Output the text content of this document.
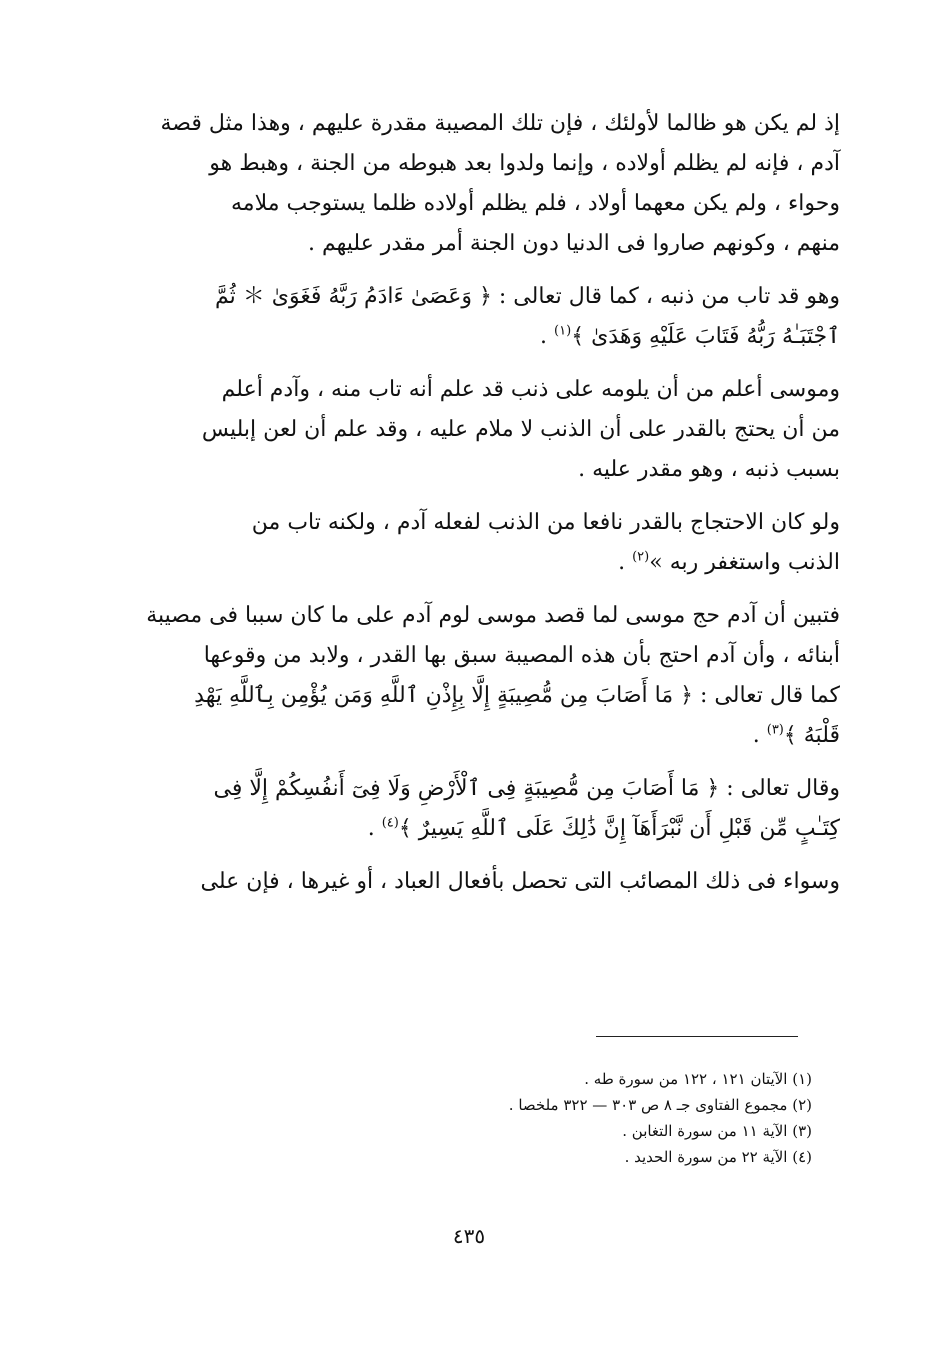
إذ لم يكن هو ظالما لأولئك ، فإن تلك المصيبة مقدرة عليهم ، وهذا مثل قصة
آدم ، فإنه لم يظلم أولاده ، وإنما ولدوا بعد هبوطه من الجنة ، وهبط هو
وحواء ، ولم يكن معهما أولاد ، فلم يظلم أولاده ظلما يستوجب ملامه
منهم ، وكونهم صاروا فى الدنيا دون الجنة أمر مقدر عليهم .

وهو قد تاب من ذنبه ، كما قال تعالى : ﴿ وَعَصَىٰ ءَادَمُ رَبَّهُ فَغَوَىٰ ＊ ثُمَّ
ٱجْتَبَـٰهُ رَبُّهُ فَتَابَ عَلَيْهِ وَهَدَىٰ ﴾$^{(١)}$ .

وموسى أعلم من أن يلومه على ذنب قد علم أنه تاب منه ، وآدم أعلم
من أن يحتج بالقدر على أن الذنب لا ملام عليه ، وقد علم أن لعن إبليس
بسبب ذنبه ، وهو مقدر عليه .

ولو كان الاحتجاج بالقدر نافعا من الذنب لفعله آدم ، ولكنه تاب من
الذنب واستغفر ربه »$^{(٢)}$ .

فتبين أن آدم حج موسى لما قصد موسى لوم آدم على ما كان سببا فى مصيبة
أبنائه ، وأن آدم احتج بأن هذه المصيبة سبق بها القدر ، ولابد من وقوعها
كما قال تعالى : ﴿ مَا أَصَابَ مِن مُّصِيبَةٍ إِلَّا بِإِذْنِ ٱللَّهِ وَمَن يُؤْمِن بِٱللَّهِ يَهْدِ
قَلْبَهُ ﴾$^{(٣)}$ .

وقال تعالى : ﴿ مَا أَصَابَ مِن مُّصِيبَةٍ فِى ٱلْأَرْضِ وَلَا فِىٓ أَنفُسِكُمْ إِلَّا فِى
كِتَـٰبٍ مِّن قَبْلِ أَن نَّبْرَأَهَآ إِنَّ ذَٰلِكَ عَلَى ٱللَّهِ يَسِيرٌ ﴾$^{(٤)}$ .

وسواء فى ذلك المصائب التى تحصل بأفعال العباد ، أو غيرها ، فإن على

(١) الآيتان ١٢١ ، ١٢٢ من سورة طه .
(٢) مجموع الفتاوى جـ ٨ ص ٣٠٣ — ٣٢٢ ملخصا .
(٣) الآية ١١ من سورة التغابن .
(٤) الآية ٢٢ من سورة الحديد .
٤٣٥
